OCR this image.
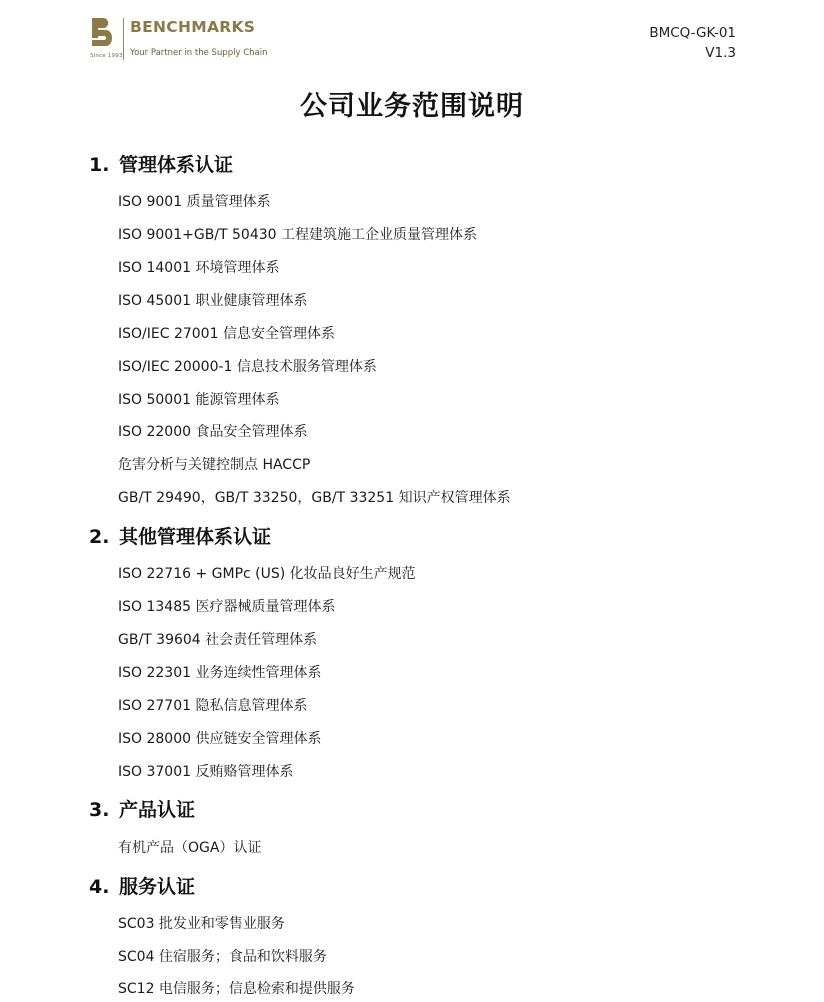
Since 1993
BENCHMARKS
Your Partner in the Supply Chain
BMCQ-GK-01
V1.3
公司业务范围说明
1. 管理体系认证
ISO 9001 质量管理体系
ISO 9001+GB/T 50430 工程建筑施工企业质量管理体系
ISO 14001 环境管理体系
ISO 45001 职业健康管理体系
ISO/IEC 27001 信息安全管理体系
ISO/IEC 20000-1 信息技术服务管理体系
ISO 50001 能源管理体系
ISO 22000 食品安全管理体系
危害分析与关键控制点 HACCP
GB/T 29490，GB/T 33250，GB/T 33251 知识产权管理体系
2. 其他管理体系认证
ISO 22716 + GMPc (US) 化妆品良好生产规范
ISO 13485 医疗器械质量管理体系
GB/T 39604 社会责任管理体系
ISO 22301 业务连续性管理体系
ISO 27701 隐私信息管理体系
ISO 28000 供应链安全管理体系
ISO 37001 反贿赂管理体系
3. 产品认证
有机产品（OGA）认证
4. 服务认证
SC03 批发业和零售业服务
SC04 住宿服务；食品和饮料服务
SC12 电信服务；信息检索和提供服务
